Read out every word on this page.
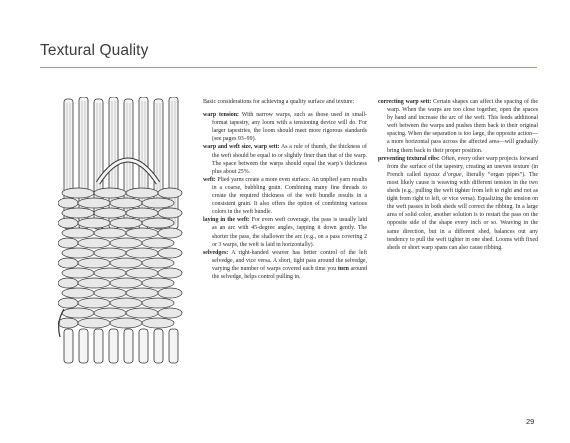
Textural Quality

Basic considerations for achieving a quality surface and texture:

warp tension: With narrow warps, such as those used in small-format tapestry, any loom with a tensioning device will do. For larger tapestries, the loom should meet more rigorous standards (see pages 93–99).

warp and weft size, warp sett: As a rule of thumb, the thickness of the weft should be equal to or slightly finer than that of the warp. The space between the warps should equal the warp’s thickness plus about 25%.

weft: Plied yarns create a more even surface. An unplied yarn results in a coarse, bubbling grain. Combining many fine threads to create the required thickness of the weft bundle results in a consistent grain. It also offers the option of combining various colors in the weft bundle.

laying in the weft: For even weft coverage, the pass is usually laid as an arc with 45-degree angles, tapping it down gently. The shorter the pass, the shallower the arc (e.g., on a pass covering 2 or 3 warps, the weft is laid in horizontally).

selvedges: A right-handed weaver has better control of the left selvedge, and vice versa. A short, tight pass around the selvedge, varying the number of warps covered each time you turn around the selvedge, helps control pulling in.

correcting warp sett: Certain shapes can affect the spacing of the warp. When the warps are too close together, open the spaces by hand and increase the arc of the weft. This feeds additional weft between the warps and pushes them back to their original spacing. When the separation is too large, the opposite action—a more horizontal pass across the affected area—will gradually bring them back to their proper position.

preventing textural ribs: Often, every other warp projects forward from the surface of the tapestry, creating an uneven texture (in French called tuyaux d’orgue, literally “organ pipes”). The most likely cause is weaving with different tension in the two sheds (e.g., pulling the weft tighter from left to right and not as tight from right to left, or vice versa). Equalizing the tension on the weft passes in both sheds will correct the ribbing. In a large area of solid color, another solution is to restart the pass on the opposite side of the shape every inch or so. Weaving in the same direction, but in a different shed, balances out any tendency to pull the weft tighter in one shed. Looms with fixed sheds or short warp spans can also cause ribbing.

29
